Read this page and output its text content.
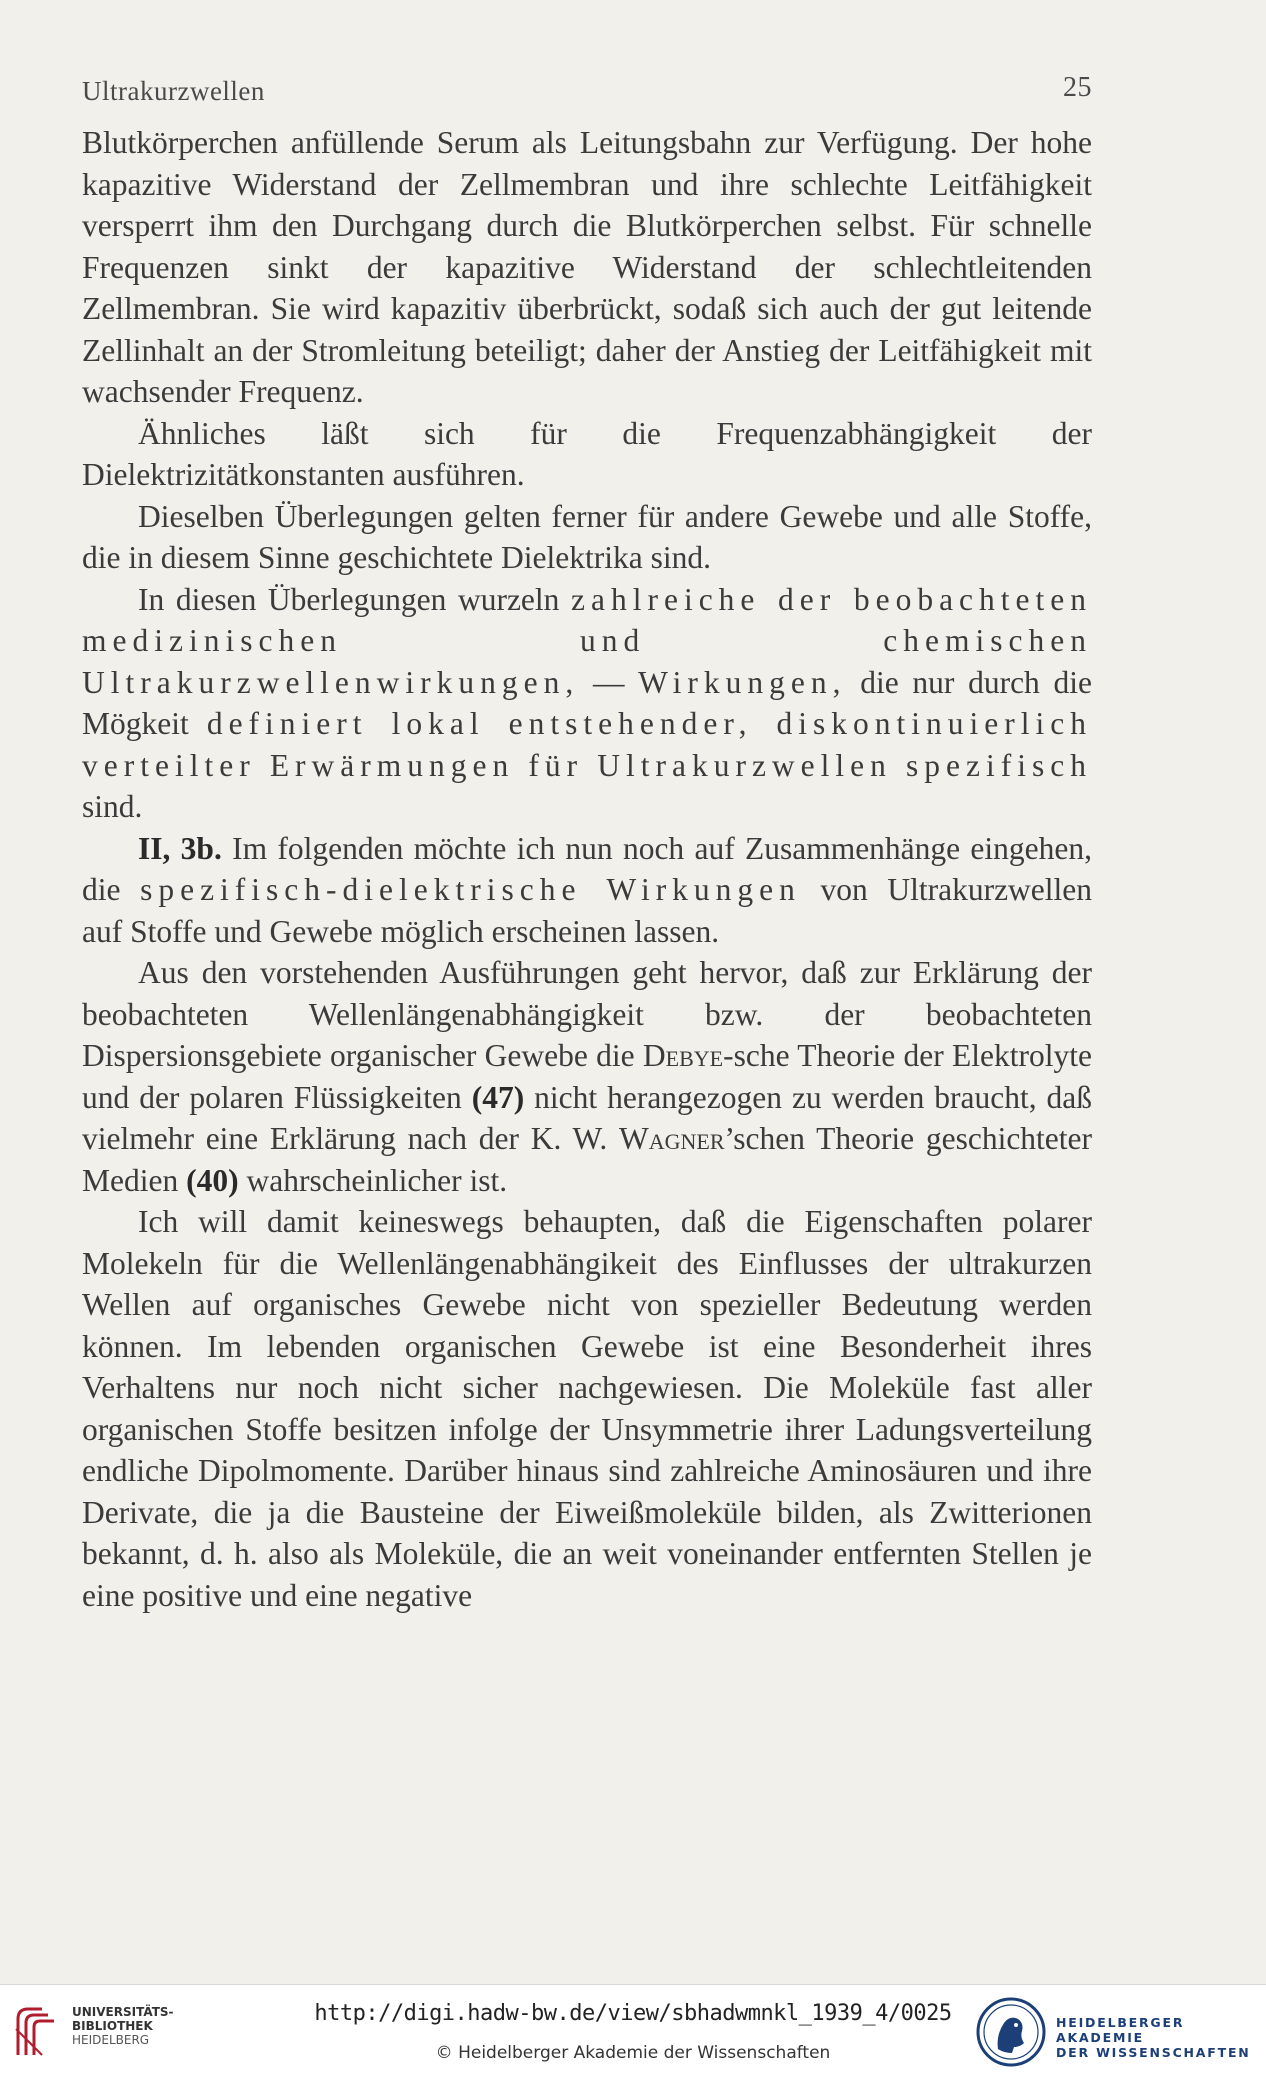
Ultrakurzwellen	25

Blutkörperchen anfüllende Serum als Leitungsbahn zur Verfügung. Der hohe kapazitive Widerstand der Zellmembran und ihre schlechte Leitfähigkeit versperrt ihm den Durchgang durch die Blutkörperchen selbst. Für schnelle Frequenzen sinkt der kapazitive Widerstand der schlechtleitenden Zellmembran. Sie wird kapazitiv überbrückt, sodaß sich auch der gut leitende Zellinhalt an der Stromleitung beteiligt; daher der Anstieg der Leitfähigkeit mit wachsender Frequenz.

Ähnliches läßt sich für die Frequenzabhängigkeit der Dielektrizitätkonstanten ausführen.

Dieselben Überlegungen gelten ferner für andere Gewebe und alle Stoffe, die in diesem Sinne geschichtete Dielektrika sind.

In diesen Überlegungen wurzeln zahlreiche der beobachteten medizinischen und chemischen Ultrakurzwellenwirkungen, — Wirkungen, die nur durch die Mögkeit definiert lokal entstehender, diskontinuierlich verteilter Erwärmungen für Ultrakurzwellen spezifisch sind.

II, 3b. Im folgenden möchte ich nun noch auf Zusammenhänge eingehen, die spezifisch-dielektrische Wirkungen von Ultrakurzwellen auf Stoffe und Gewebe möglich erscheinen lassen.

Aus den vorstehenden Ausführungen geht hervor, daß zur Erklärung der beobachteten Wellenlängenabhängigkeit bzw. der beobachteten Dispersionsgebiete organischer Gewebe die Debye-sche Theorie der Elektrolyte und der polaren Flüssigkeiten (47) nicht herangezogen zu werden braucht, daß vielmehr eine Erklärung nach der K. W. Wagner’schen Theorie geschichteter Medien (40) wahrscheinlicher ist.

Ich will damit keineswegs behaupten, daß die Eigenschaften polarer Molekeln für die Wellenlängenabhängikeit des Einflusses der ultrakurzen Wellen auf organisches Gewebe nicht von spezieller Bedeutung werden können. Im lebenden organischen Gewebe ist eine Besonderheit ihres Verhaltens nur noch nicht sicher nachgewiesen. Die Moleküle fast aller organischen Stoffe besitzen infolge der Unsymmetrie ihrer Ladungsverteilung endliche Dipolmomente. Darüber hinaus sind zahlreiche Aminosäuren und ihre Derivate, die ja die Bausteine der Eiweißmoleküle bilden, als Zwitterionen bekannt, d. h. also als Moleküle, die an weit voneinander entfernten Stellen je eine positive und eine negative

UNIVERSITÄTS-
BIBLIOTHEK
HEIDELBERG
http://digi.hadw-bw.de/view/sbhadwmnkl_1939_4/0025
© Heidelberger Akademie der Wissenschaften
HEIDELBERGER AKADEMIE
DER WISSENSCHAFTEN
